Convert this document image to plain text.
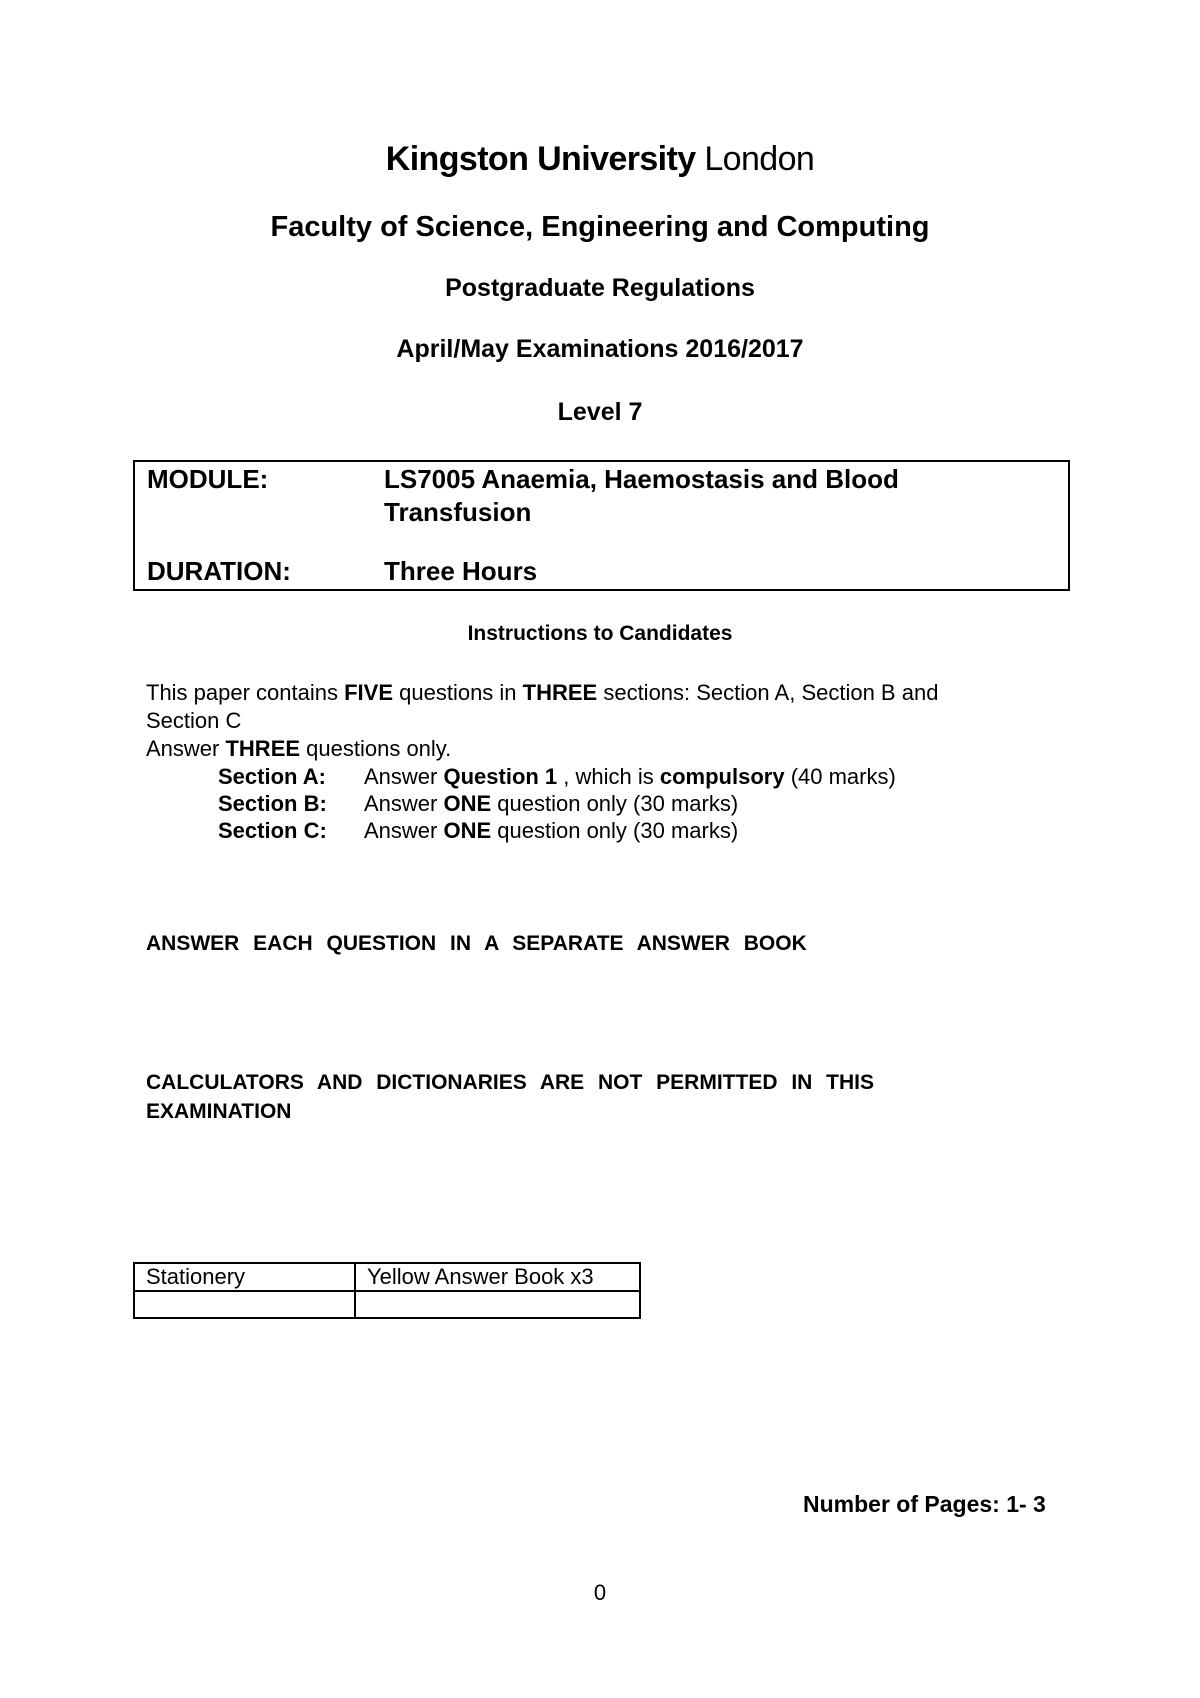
Kingston University London
Faculty of Science, Engineering and Computing
Postgraduate Regulations
April/May Examinations 2016/2017
Level 7
MODULE:	LS7005 Anaemia, Haemostasis and Blood
Transfusion
DURATION:	Three Hours
Instructions to Candidates
This paper contains FIVE questions in THREE sections: Section A, Section B and
Section C
Answer THREE questions only.
Section A: Answer Question 1 , which is compulsory (40 marks)
Section B: Answer ONE question only (30 marks)
Section C: Answer ONE question only (30 marks)
ANSWER EACH QUESTION IN A SEPARATE ANSWER BOOK
CALCULATORS AND DICTIONARIES ARE NOT PERMITTED IN THIS
EXAMINATION
Stationery	Yellow Answer Book x3

Number of Pages: 1- 3
0
